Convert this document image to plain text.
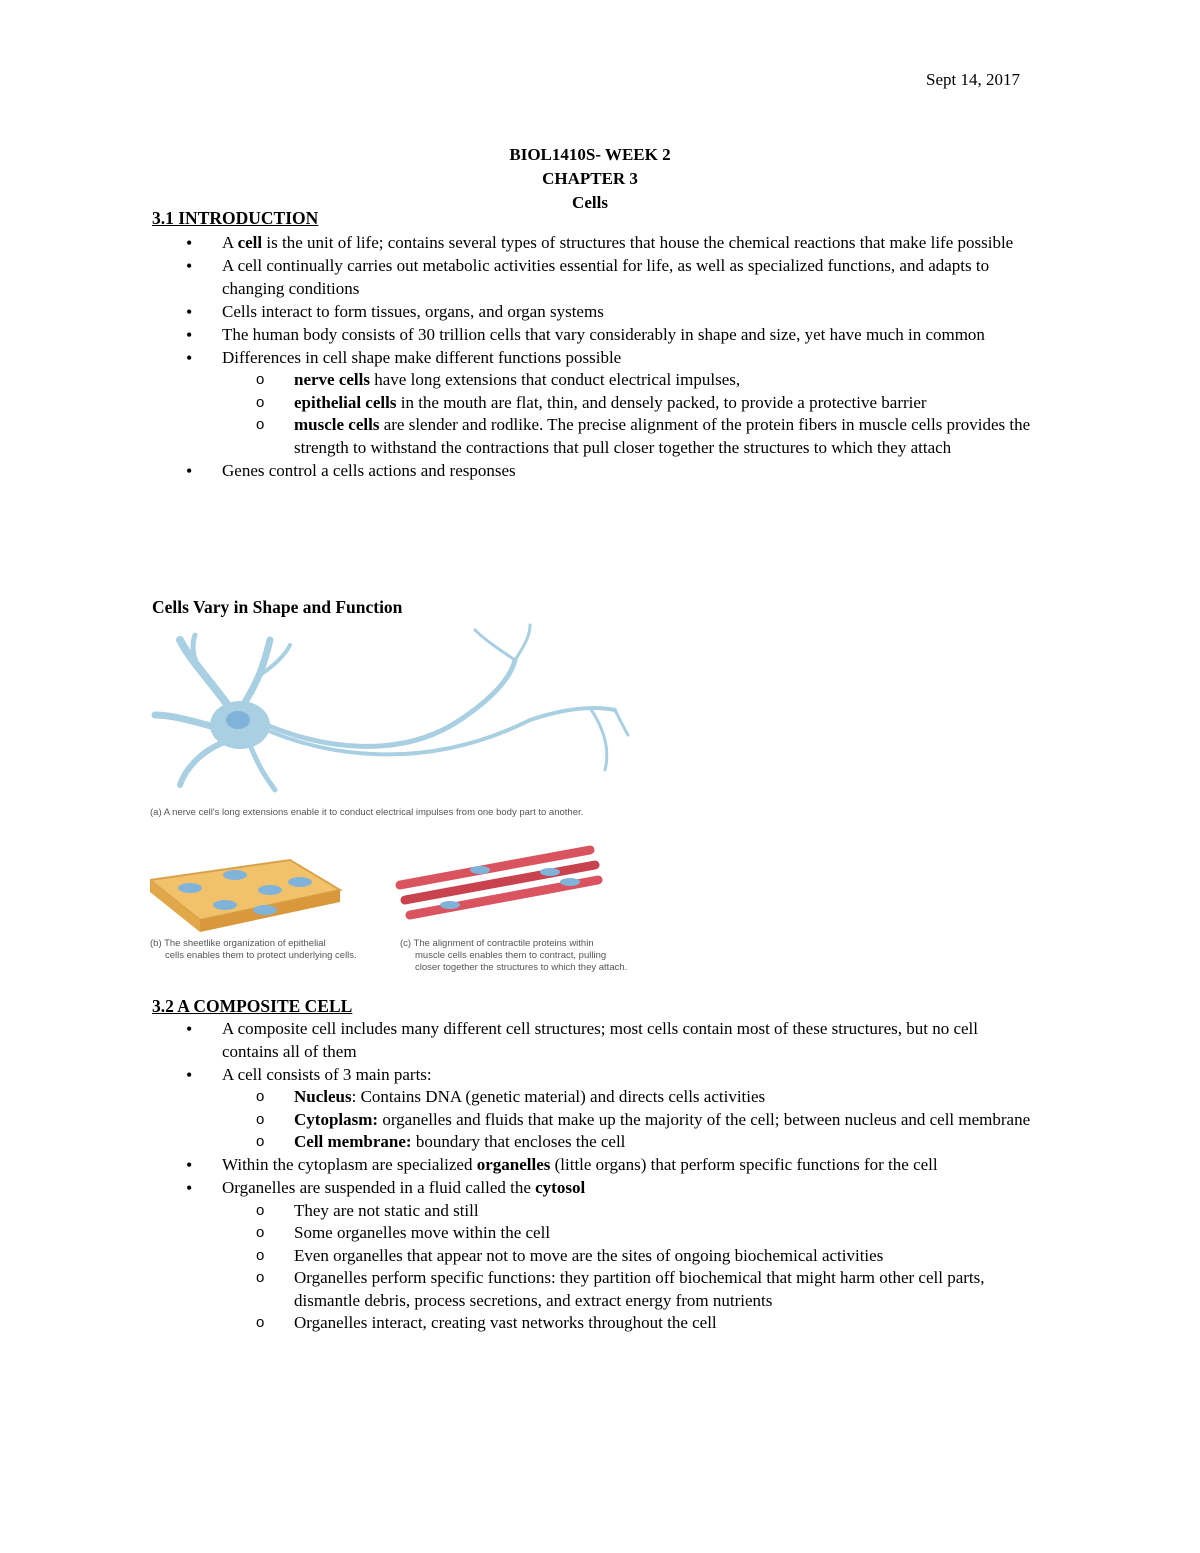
Sept 14, 2017
BIOL1410S- WEEK 2
CHAPTER 3
Cells
3.1 INTRODUCTION
• A cell is the unit of life; contains several types of structures that house the chemical reactions that make life possible
• A cell continually carries out metabolic activities essential for life, as well as specialized functions, and adapts to changing conditions
• Cells interact to form tissues, organs, and organ systems
• The human body consists of 30 trillion cells that vary considerably in shape and size, yet have much in common
• Differences in cell shape make different functions possible
o nerve cells have long extensions that conduct electrical impulses,
o epithelial cells in the mouth are flat, thin, and densely packed, to provide a protective barrier
o muscle cells are slender and rodlike. The precise alignment of the protein fibers in muscle cells provides the strength to withstand the contractions that pull closer together the structures to which they attach
• Genes control a cells actions and responses
Cells Vary in Shape and Function
(a) A nerve cell's long extensions enable it to conduct electrical impulses from one body part to another.
(b) The sheetlike organization of epithelial
cells enables them to protect underlying cells.
(c) The alignment of contractile proteins within
muscle cells enables them to contract, pulling
closer together the structures to which they attach.
3.2 A COMPOSITE CELL
• A composite cell includes many different cell structures; most cells contain most of these structures, but no cell contains all of them
• A cell consists of 3 main parts:
o Nucleus: Contains DNA (genetic material) and directs cells activities
o Cytoplasm: organelles and fluids that make up the majority of the cell; between nucleus and cell membrane
o Cell membrane: boundary that encloses the cell
• Within the cytoplasm are specialized organelles (little organs) that perform specific functions for the cell
• Organelles are suspended in a fluid called the cytosol
o They are not static and still
o Some organelles move within the cell
o Even organelles that appear not to move are the sites of ongoing biochemical activities
o Organelles perform specific functions: they partition off biochemical that might harm other cell parts, dismantle debris, process secretions, and extract energy from nutrients
o Organelles interact, creating vast networks throughout the cell
